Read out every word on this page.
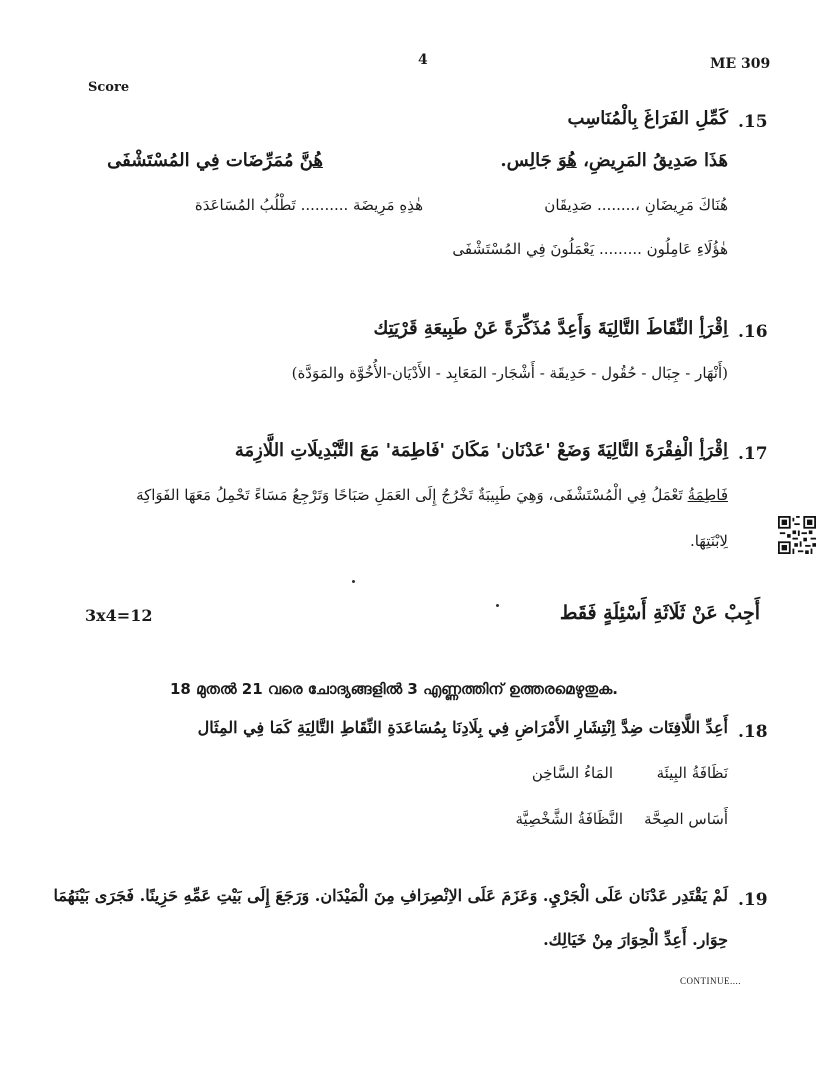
4	ME 309
Score
.15
كَمِّلِ الفَرَاغَ بِالْمُنَاسِب
هَذَا صَدِيقُ المَرِيضِ، هُوَ جَالِس.
هُنَّ مُمَرِّضَات فِي المُسْتَشْفَى
هُنَاكَ مَرِيضَانِ ،........ صَدِيقَان
هٰذِهِ مَرِيضَة .......... تَطْلُبُ المُسَاعَدَة
هٰؤُلَاءِ عَامِلُون ......... يَعْمَلُونَ فِي المُسْتَشْفَى
.16
اِقْرَأِ النِّقَاطَ التَّالِيَةَ وَأَعِدَّ مُذَكِّرَةً عَنْ طَبِيعَةِ قَرْيَتِك
(أَنْهَار - جِبَال - حُقُول - حَدِيقَة - أَشْجَار- المَعَابِد - الأَدْيَان-الأُخُوَّة والمَوَدَّة)
.17
اِقْرَأِ الْفِقْرَةَ التَّالِيَةَ وَضَعْ 'عَدْنَان' مَكَانَ 'فَاطِمَة' مَعَ التَّبْدِيلَاتِ اللَّازِمَة
فَاطِمَةُ تَعْمَلُ فِي الْمُسْتَشْفَى، وَهِيَ طَبِيبَةٌ تَخْرُجُ إِلَى العَمَلِ صَبَاحًا وَتَرْجِعُ مَسَاءً تَحْمِلُ مَعَهَا الفَوَاكِهَ
لِابْنَتِهَا.
3x4=12	أَجِبْ عَنْ ثَلَاثَةِ أَسْئِلَةٍ فَقَط
18 മുതൽ 21 വരെ ചോദ്യങ്ങളിൽ 3 എണ്ണത്തിന് ഉത്തരമെഴുതുക.
.18
أَعِدِّ اللَّافِتَات ضِدَّ اِنْتِشَارِ الأَمْرَاضِ فِي بِلَادِنَا بِمُسَاعَدَةِ النِّقَاطِ التَّالِيَةِ كَمَا فِي المِثَال
نَظَافَةُ البِيئَة
المَاءُ السَّاخِن
أَسَاس الصِحَّة
النَّظَافَةُ الشَّخْصِيَّة
.19
لَمْ يَقْتَدِر عَدْنَان عَلَى الْجَرْيِ. وَعَزَمَ عَلَى الاِنْصِرَافِ مِنَ الْمَيْدَان. وَرَجَعَ إِلَى بَيْتِ عَمِّهِ حَزِينًا. فَجَرَى بَيْنَهُمَا
حِوَار. أَعِدِّ الْحِوَارَ مِنْ خَيَالِك.
CONTINUE....
